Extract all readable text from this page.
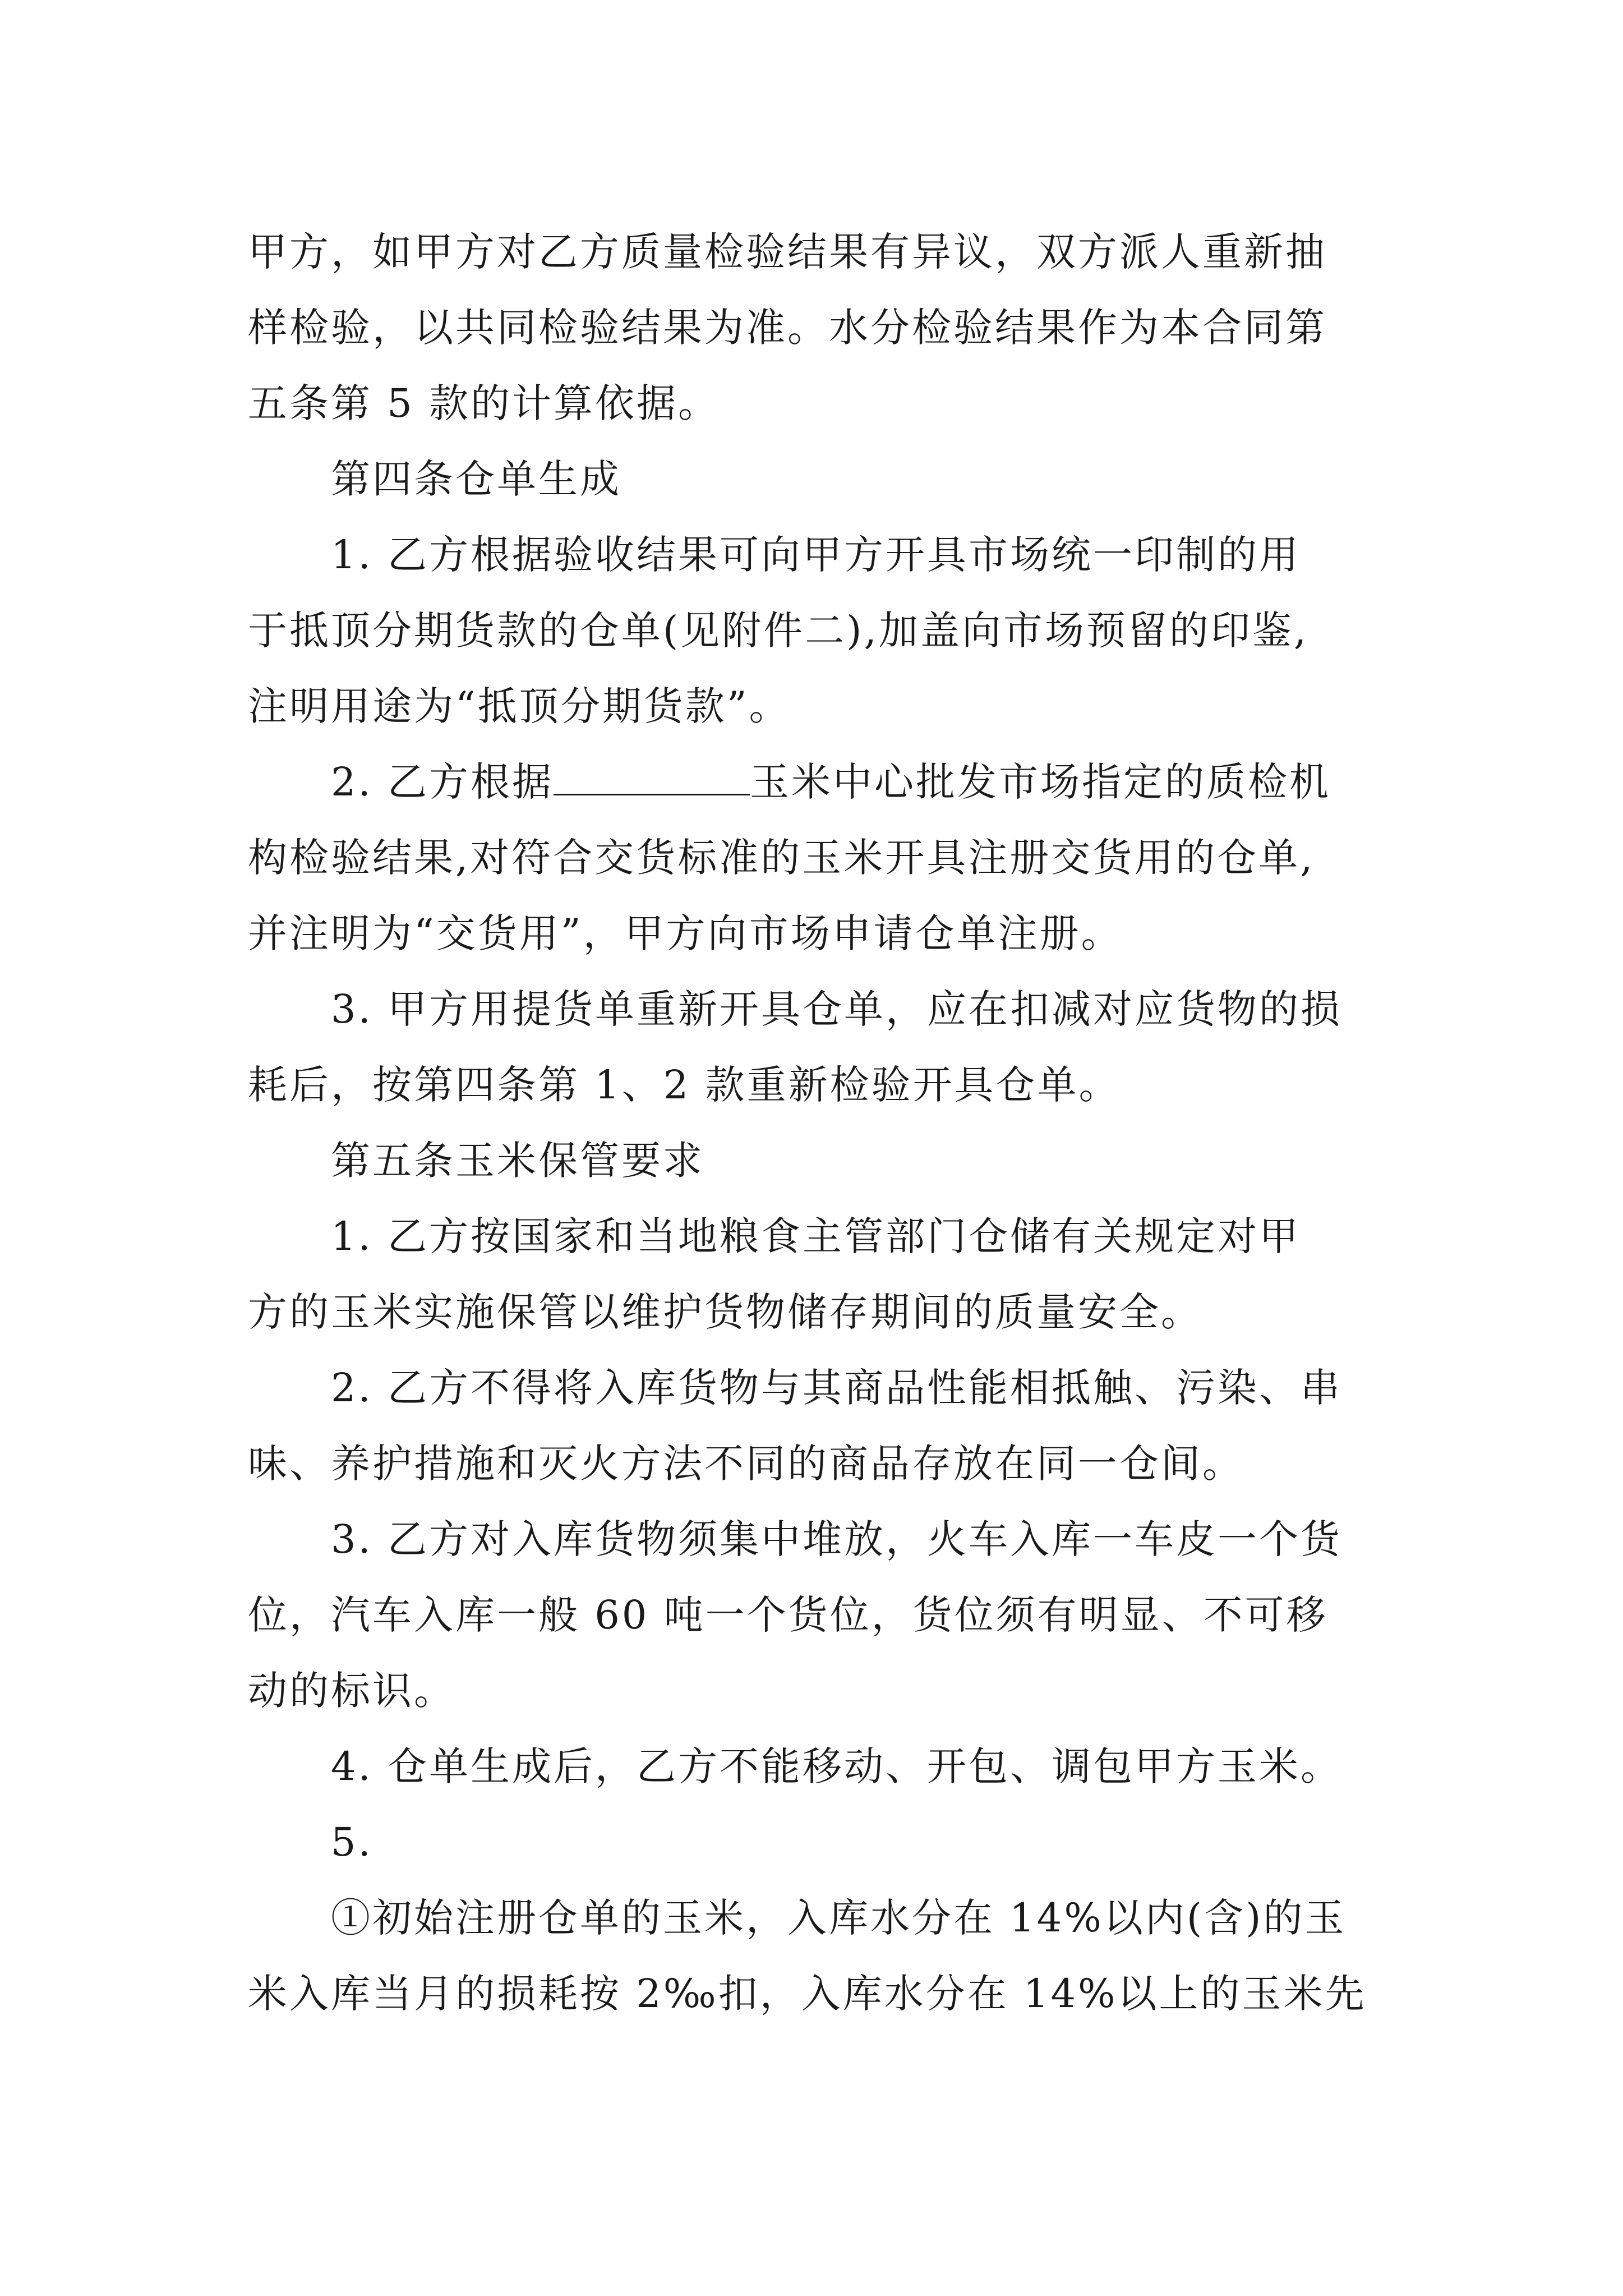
甲方，如甲方对乙方质量检验结果有异议，双方派人重新抽

样检验，以共同检验结果为准。水分检验结果作为本合同第

五条第 5 款的计算依据。

第四条仓单生成

1. 乙方根据验收结果可向甲方开具市场统一印制的用

于抵顶分期货款的仓单(见附件二),加盖向市场预留的印鉴,

注明用途为“抵顶分期货款”。

2. 乙方根据	玉米中心批发市场指定的质检机

构检验结果,对符合交货标准的玉米开具注册交货用的仓单,

并注明为“交货用”，甲方向市场申请仓单注册。

3. 甲方用提货单重新开具仓单，应在扣减对应货物的损

耗后，按第四条第 1、2 款重新检验开具仓单。

第五条玉米保管要求

1. 乙方按国家和当地粮食主管部门仓储有关规定对甲

方的玉米实施保管以维护货物储存期间的质量安全。

2. 乙方不得将入库货物与其商品性能相抵触、污染、串

味、养护措施和灭火方法不同的商品存放在同一仓间。

3. 乙方对入库货物须集中堆放，火车入库一车皮一个货

位，汽车入库一般 60 吨一个货位，货位须有明显、不可移

动的标识。

4. 仓单生成后，乙方不能移动、开包、调包甲方玉米。

5.

①初始注册仓单的玉米，入库水分在 14%以内(含)的玉

米入库当月的损耗按 2‰扣，入库水分在 14%以上的玉米先
